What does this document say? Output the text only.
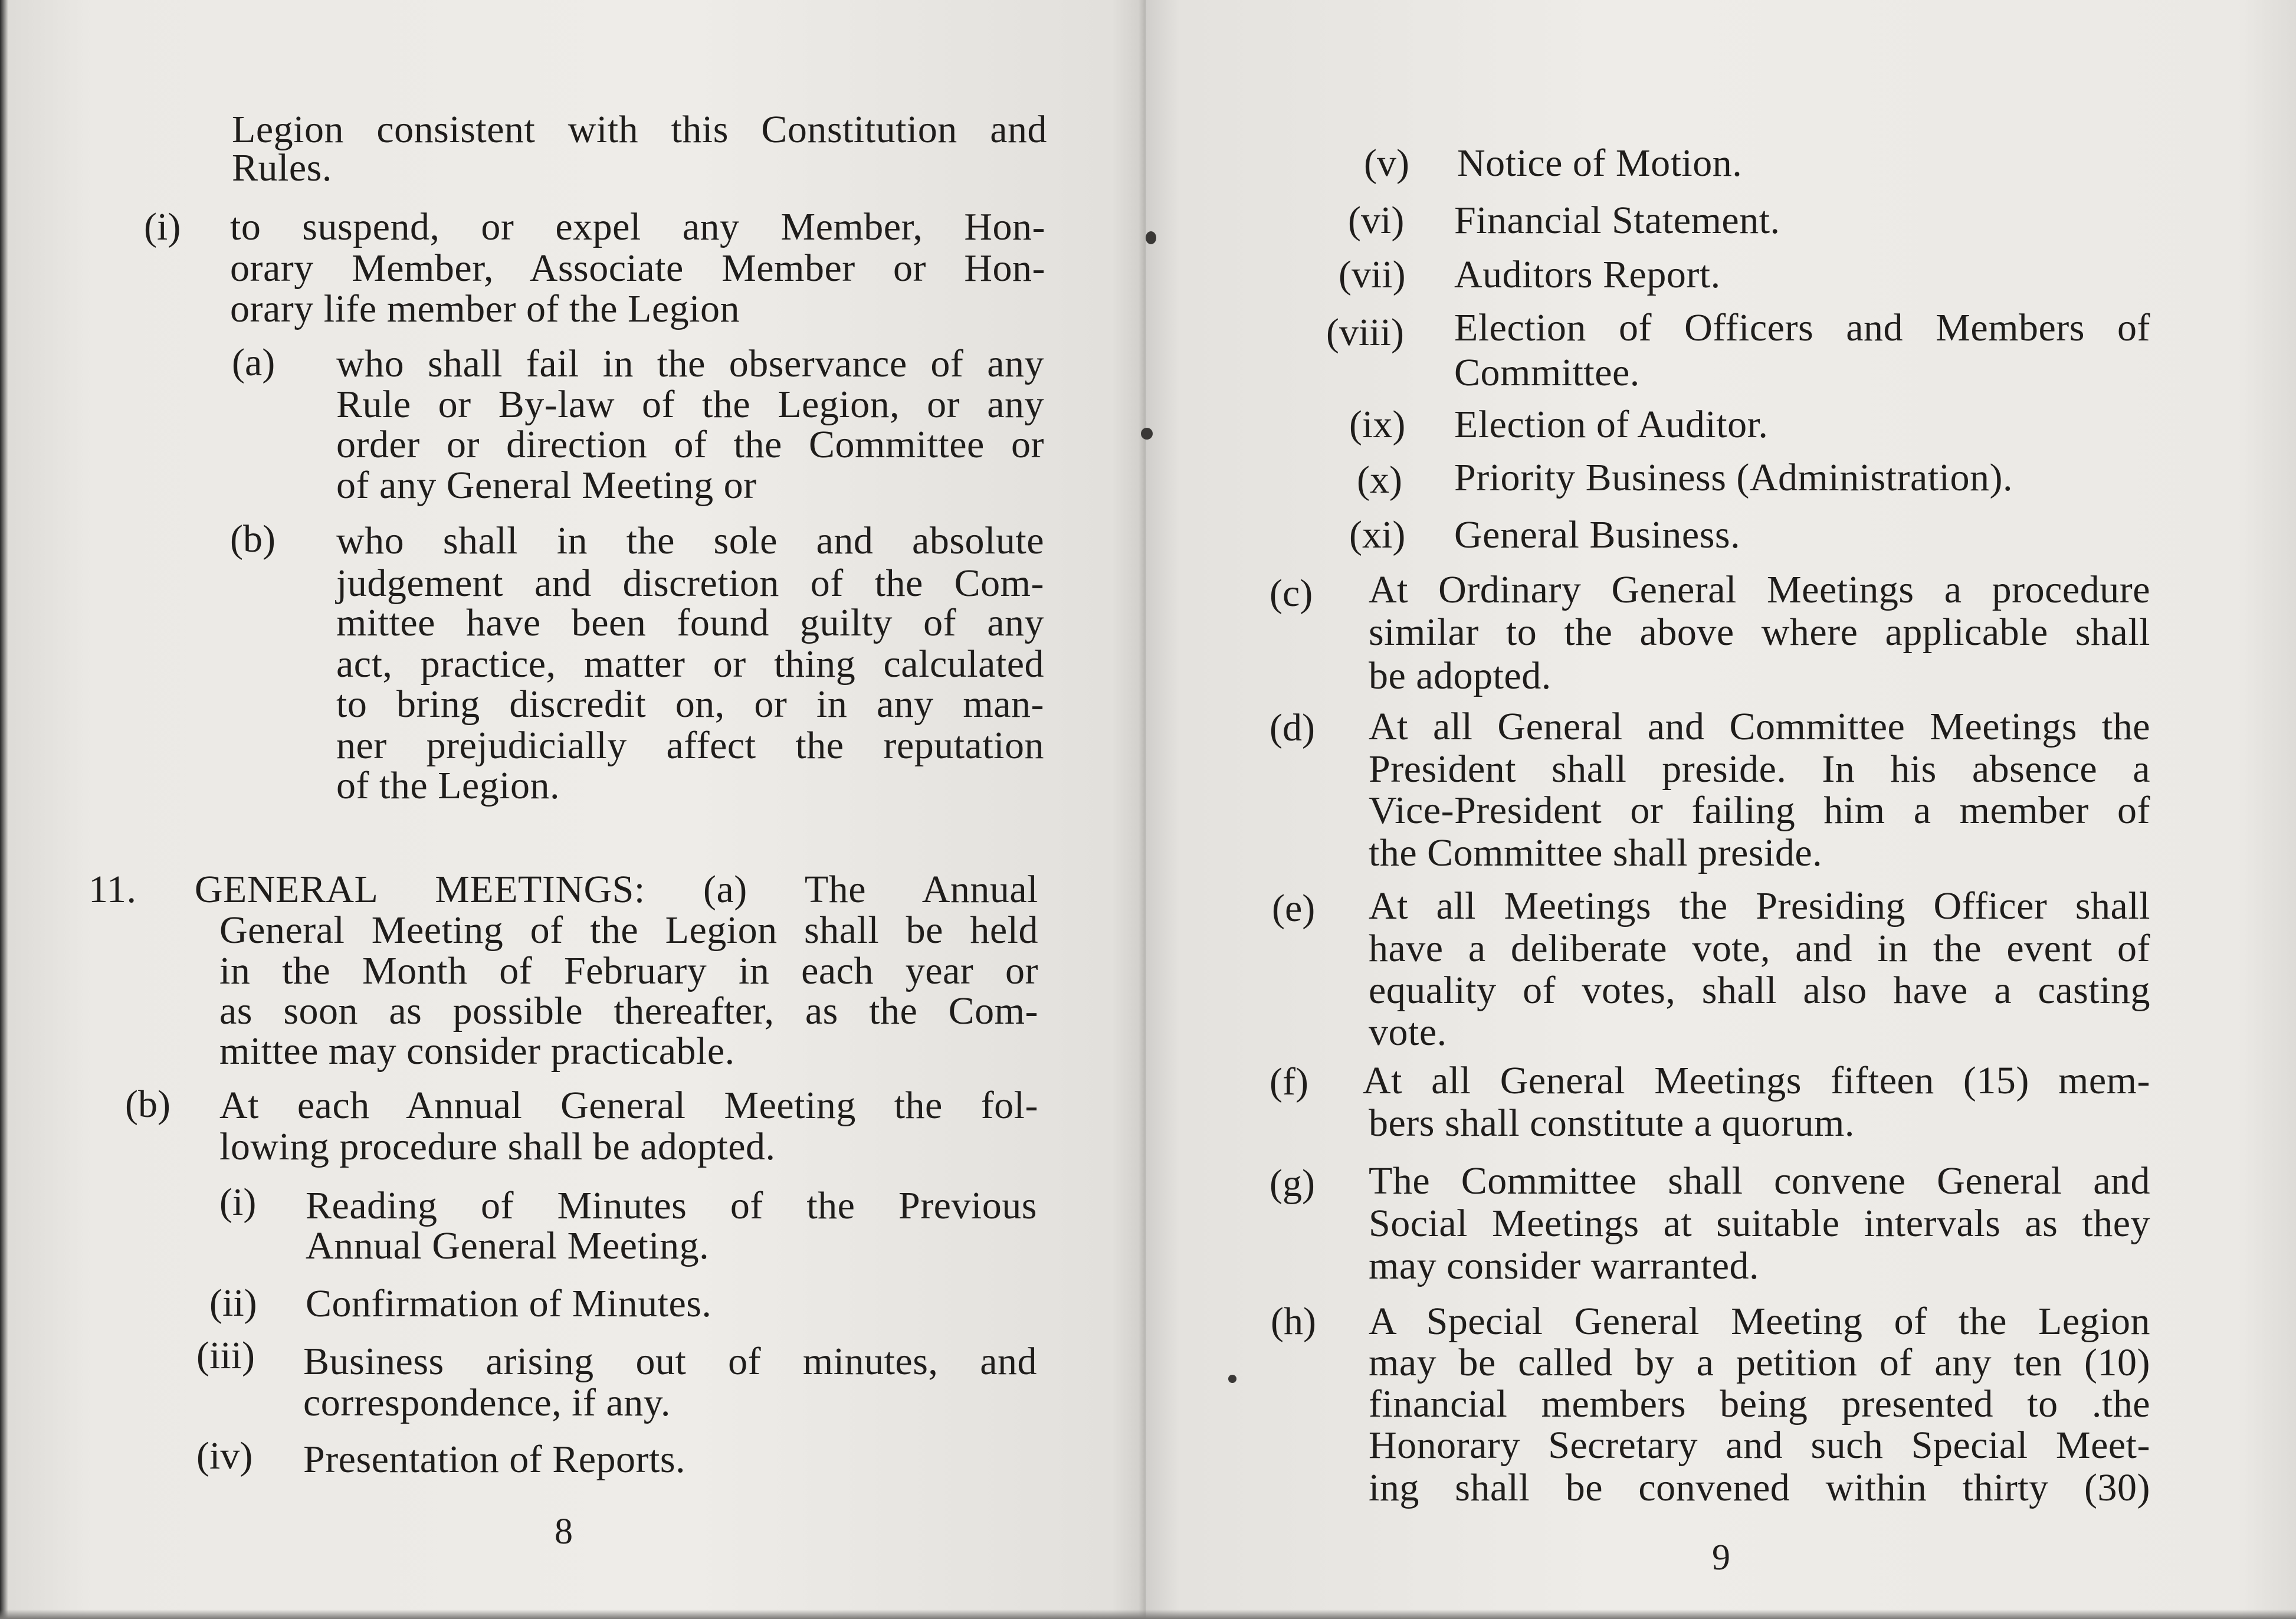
Legion consistent with this Constitution and
Rules.
(i) to suspend, or expel any Member, Hon-
orary Member, Associate Member or Hon-
orary life member of the Legion
(a) who shall fail in the observance of any
Rule or By-law of the Legion, or any
order or direction of the Committee or
of any General Meeting or
(b) who shall in the sole and absolute
judgement and discretion of the Com-
mittee have been found guilty of any
act, practice, matter or thing calculated
to bring discredit on, or in any man-
ner prejudicially affect the reputation
of the Legion.
11. GENERAL MEETINGS: (a) The Annual
General Meeting of the Legion shall be held
in the Month of February in each year or
as soon as possible thereafter, as the Com-
mittee may consider practicable.
(b) At each Annual General Meeting the fol-
lowing procedure shall be adopted.
(i) Reading of Minutes of the Previous
Annual General Meeting.
(ii) Confirmation of Minutes.
(iii) Business arising out of minutes, and
correspondence, if any.
(iv) Presentation of Reports.
8
(v) Notice of Motion.
(vi) Financial Statement.
(vii) Auditors Report.
(viii) Election of Officers and Members of
Committee.
(ix) Election of Auditor.
(x) Priority Business (Administration).
(xi) General Business.
(c) At Ordinary General Meetings a procedure
similar to the above where applicable shall
be adopted.
(d) At all General and Committee Meetings the
President shall preside. In his absence a
Vice-President or failing him a member of
the Committee shall preside.
(e) At all Meetings the Presiding Officer shall
have a deliberate vote, and in the event of
equality of votes, shall also have a casting
vote.
(f) At all General Meetings fifteen (15) mem-
bers shall constitute a quorum.
(g) The Committee shall convene General and
Social Meetings at suitable intervals as they
may consider warranted.
(h) A Special General Meeting of the Legion
may be called by a petition of any ten (10)
financial members being presented to .the
Honorary Secretary and such Special Meet-
ing shall be convened within thirty (30)
9
